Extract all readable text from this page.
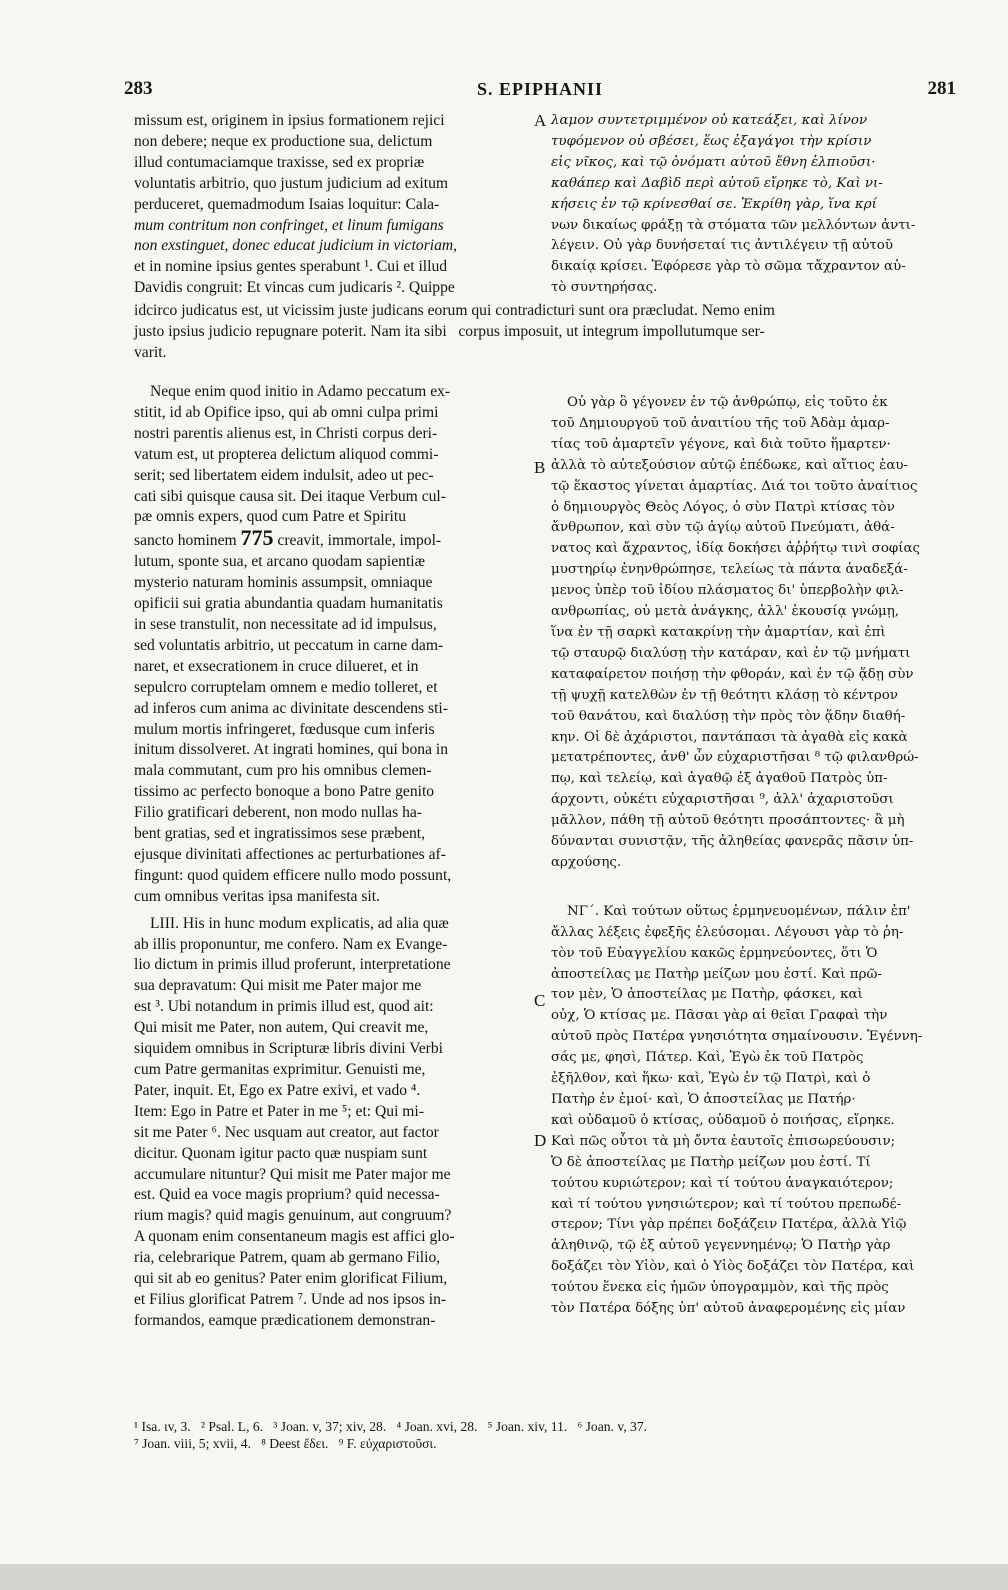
283	S. EPIPHANII	281

missum est, originem in ipsius formationem rejici

non debere; neque ex productione sua, delictum

illud contumaciamque traxisse, sed ex propriæ

voluntatis arbitrio, quo justum judicium ad exitum

perduceret, quemadmodum Isaias loquitur: Cala-

mum contritum non confringet, et linum fumigans

non exstinguet, donec educat judicium in victoriam,

et in nomine ipsius gentes sperabunt ¹. Cui et illud

Davidis congruit: Et vincas cum judicaris ². Quippe

A λαμον συντετριμμένον οὐ κατεάξει, καὶ λίνον

τυφόμενον οὐ σβέσει, ἕως ἐξαγάγοι τὴν κρίσιν

εἰς νῖκος, καὶ τῷ ὀνόματι αὐτοῦ ἔθνη ἐλπιοῦσι·

καθάπερ καὶ Δαβὶδ περὶ αὐτοῦ εἴρηκε τὸ, Καὶ νι-

κήσεις ἐν τῷ κρίνεσθαί σε. Ἐκρίθη γὰρ, ἵνα κρί

νων δικαίως φράξῃ τὰ στόματα τῶν μελλόντων ἀντι-

λέγειν. Οὐ γὰρ δυνήσεταί τις ἀντιλέγειν τῇ αὐτοῦ

δικαίᾳ κρίσει. Ἐφόρεσε γὰρ τὸ σῶμα τἄχραντον αὐ-

τὸ συντηρήσας.

idcirco judicatus est, ut vicissim juste judicans eorum qui contradicturi sunt ora præcludat. Nemo enim

justo ipsius judicio repugnare poterit. Nam ita sibi   corpus imposuit, ut integrum impollutumque ser-

varit.

Neque enim quod initio in Adamo peccatum ex-

stitit, id ab Opifice ipso, qui ab omni culpa primi

nostri parentis alienus est, in Christi corpus deri-

vatum est, ut propterea delictum aliquod commi-

serit; sed libertatem eidem indulsit, adeo ut pec-

cati sibi quisque causa sit. Dei itaque Verbum cul-

pæ omnis expers, quod cum Patre et Spiritu

sancto hominem 775 creavit, immortale, impol-

lutum, sponte sua, et arcano quodam sapientiæ

mysterio naturam hominis assumpsit, omniaque

opificii sui gratia abundantia quadam humanitatis

in sese transtulit, non necessitate ad id impulsus,

sed voluntatis arbitrio, ut peccatum in carne dam-

naret, et exsecrationem in cruce dilueret, et in

sepulcro corruptelam omnem e medio tolleret, et

ad inferos cum anima ac divinitate descendens sti-

mulum mortis infringeret, fœdusque cum inferis

initum dissolveret. At ingrati homines, qui bona in

mala commutant, cum pro his omnibus clemen-

tissimo ac perfecto bonoque a bono Patre genito

Filio gratificari deberent, non modo nullas ha-

bent gratias, sed et ingratissimos sese præbent,

ejusque divinitati affectiones ac perturbationes af-

fingunt: quod quidem efficere nullo modo possunt,

cum omnibus veritas ipsa manifesta sit.

LIII. His in hunc modum explicatis, ad alia quæ

ab illis proponuntur, me confero. Nam ex Evange-

lio dictum in primis illud proferunt, interpretatione

sua depravatum: Qui misit me Pater major me

est ³. Ubi notandum in primis illud est, quod ait:

Qui misit me Pater, non autem, Qui creavit me,

siquidem omnibus in Scripturæ libris divini Verbi

cum Patre germanitas exprimitur. Genuisti me,

Pater, inquit. Et, Ego ex Patre exivi, et vado ⁴.

Item: Ego in Patre et Pater in me ⁵; et: Qui mi-

sit me Pater ⁶. Nec usquam aut creator, aut factor

dicitur. Quonam igitur pacto quæ nuspiam sunt

accumulare nituntur? Qui misit me Pater major me

est. Quid ea voce magis proprium? quid necessa-

rium magis? quid magis genuinum, aut congruum?

A quonam enim consentaneum magis est affici glo-

ria, celebrarique Patrem, quam ab germano Filio,

qui sit ab eo genitus? Pater enim glorificat Filium,

et Filius glorificat Patrem ⁷. Unde ad nos ipsos in-

formandos, eamque prædicationem demonstran-

B
C
D

Οὐ γὰρ ὃ γέγονεν ἐν τῷ ἀνθρώπῳ, εἰς τοῦτο ἐκ

τοῦ Δημιουργοῦ τοῦ ἀναιτίου τῆς τοῦ Ἀδὰμ ἁμαρ-

τίας τοῦ ἁμαρτεῖν γέγονε, καὶ διὰ τοῦτο ἥμαρτεν·

ἀλλὰ τὸ αὐτεξούσιον αὐτῷ ἐπέδωκε, καὶ αἴτιος ἑαυ-

τῷ ἕκαστος γίνεται ἁμαρτίας. Διά τοι τοῦτο ἀναίτιος

ὁ δημιουργὸς Θεὸς Λόγος, ὁ σὺν Πατρὶ κτίσας τὸν

ἄνθρωπον, καὶ σὺν τῷ ἁγίῳ αὐτοῦ Πνεύματι, ἀθά-

νατος καὶ ἄχραντος, ἰδίᾳ δοκήσει ἀῤῥήτῳ τινὶ σοφίας

μυστηρίῳ ἐνηνθρώπησε, τελείως τὰ πάντα ἀναδεξά-

μενος ὑπὲρ τοῦ ἰδίου πλάσματος δι' ὑπερβολὴν φιλ-

ανθρωπίας, οὐ μετὰ ἀνάγκης, ἀλλ' ἑκουσίᾳ γνώμῃ,

ἵνα ἐν τῇ σαρκὶ κατακρίνῃ τὴν ἁμαρτίαν, καὶ ἐπὶ

τῷ σταυρῷ διαλύσῃ τὴν κατάραν, καὶ ἐν τῷ μνήματι

καταφαίρετον ποιήσῃ τὴν φθοράν, καὶ ἐν τῷ ᾅδῃ σὺν

τῇ ψυχῇ κατελθὼν ἐν τῇ θεότητι κλάσῃ τὸ κέντρον

τοῦ θανάτου, καὶ διαλύσῃ τὴν πρὸς τὸν ᾅδην διαθή-

κην. Οἱ δὲ ἀχάριστοι, παντάπασι τὰ ἀγαθὰ εἰς κακὰ

μετατρέποντες, ἀνθ' ὧν εὐχαριστῆσαι ⁸ τῷ φιλανθρώ-

πῳ, καὶ τελείῳ, καὶ ἀγαθῷ ἐξ ἀγαθοῦ Πατρὸς ὑπ-

άρχοντι, οὐκέτι εὐχαριστῆσαι ⁹, ἀλλ' ἀχαριστοῦσι

μᾶλλον, πάθη τῇ αὐτοῦ θεότητι προσάπτοντες· ἃ μὴ

δύνανται συνιστᾷν, τῆς ἀληθείας φανερᾶς πᾶσιν ὑπ-

αρχούσης.

ΝΓ΄. Καὶ τούτων οὕτως ἑρμηνευομένων, πάλιν ἐπ'

ἄλλας λέξεις ἐφεξῆς ἐλεύσομαι. Λέγουσι γὰρ τὸ ῥη-

τὸν τοῦ Εὐαγγελίου κακῶς ἑρμηνεύοντες, ὅτι Ὁ

ἀποστείλας με Πατὴρ μείζων μου ἐστί. Καὶ πρῶ-

τον μὲν, Ὁ ἀποστείλας με Πατὴρ, φάσκει, καὶ

οὐχ, Ὁ κτίσας με. Πᾶσαι γὰρ αἱ θεῖαι Γραφαὶ τὴν

αὐτοῦ πρὸς Πατέρα γνησιότητα σημαίνουσιν. Ἐγέννη-

σάς με, φησὶ, Πάτερ. Καὶ, Ἐγὼ ἐκ τοῦ Πατρὸς

ἐξῆλθον, καὶ ἥκω· καὶ, Ἐγὼ ἐν τῷ Πατρὶ, καὶ ὁ

Πατὴρ ἐν ἐμοί· καὶ, Ὁ ἀποστείλας με Πατήρ·

καὶ οὐδαμοῦ ὁ κτίσας, οὐδαμοῦ ὁ ποιήσας, εἴρηκε.

Καὶ πῶς οὗτοι τὰ μὴ ὄντα ἑαυτοῖς ἐπισωρεύουσιν;

Ὁ δὲ ἀποστείλας με Πατὴρ μείζων μου ἐστί. Τί

τούτου κυριώτερον; καὶ τί τούτου ἀναγκαιότερον;

καὶ τί τούτου γνησιώτερον; καὶ τί τούτου πρεπωδέ-

στερον; Τίνι γὰρ πρέπει δοξάζειν Πατέρα, ἀλλὰ Υἱῷ

ἀληθινῷ, τῷ ἐξ αὐτοῦ γεγεννημένῳ; Ὁ Πατὴρ γὰρ

δοξάζει τὸν Υἱὸν, καὶ ὁ Υἱὸς δοξάζει τὸν Πατέρα, καὶ

τούτου ἕνεκα εἰς ἡμῶν ὑπογραμμὸν, καὶ τῆς πρὸς

τὸν Πατέρα δόξης ὑπ' αὐτοῦ ἀναφερομένης εἰς μίαν

¹ Isa. ιv, 3.   ² Psal. L, 6.   ³ Joan. v, 37; xiv, 28.   ⁴ Joan. xvi, 28.   ⁵ Joan. xiv, 11.   ⁶ Joan. v, 37.

⁷ Joan. viii, 5; xvii, 4.   ⁸ Deest ἔδει.   ⁹ F. εὐχαριστοῦσι.
